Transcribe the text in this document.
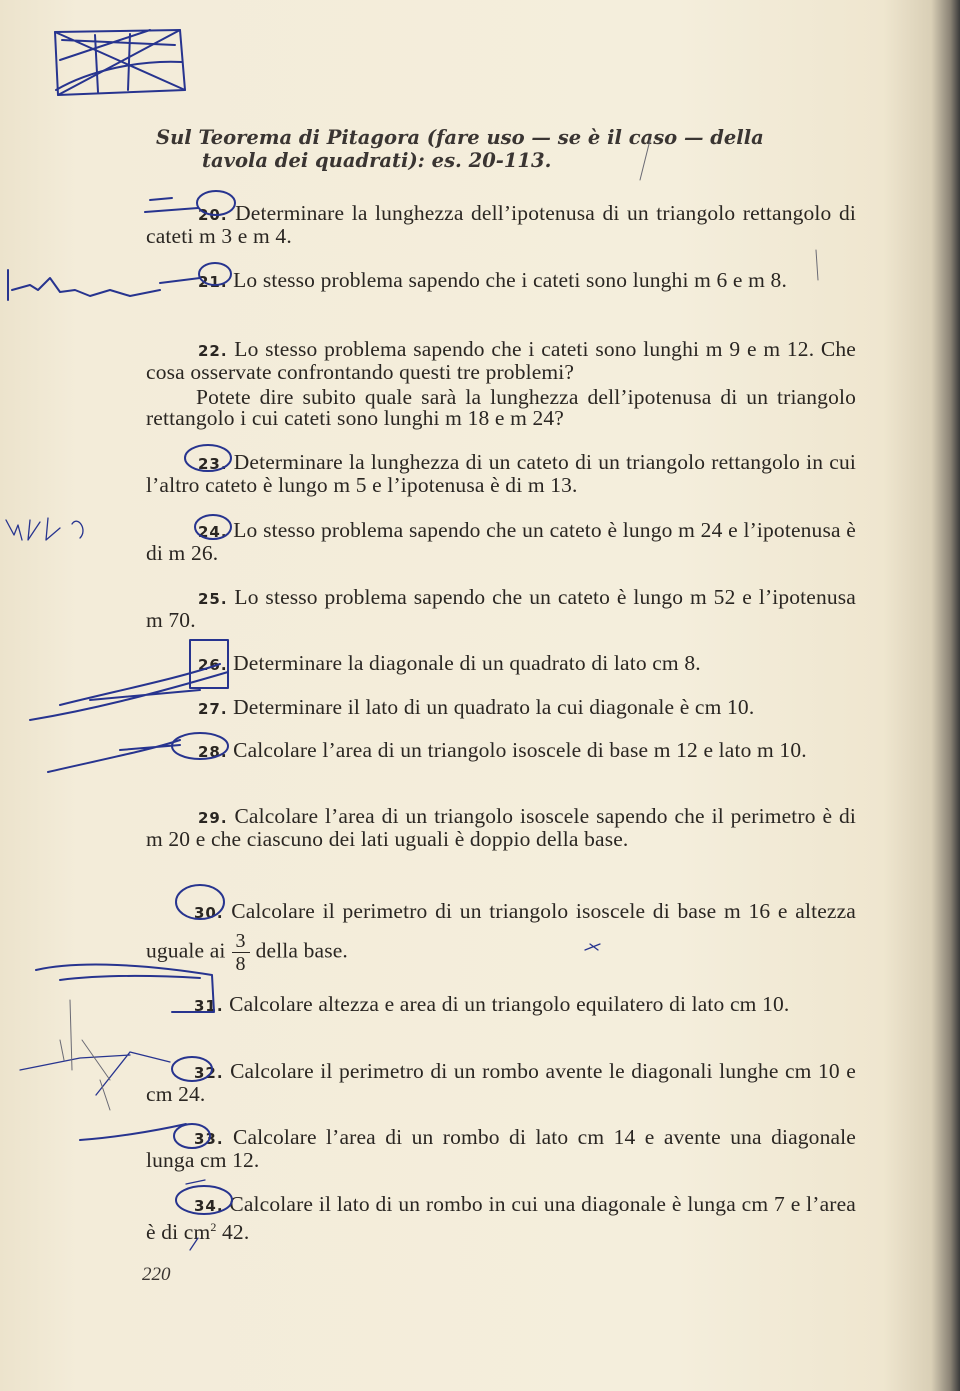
Sul Teorema di Pitagora (fare uso — se è il caso — della
tavola dei quadrati): es. 20-113.

20. Determinare la lunghezza dell’ipotenusa di un triangolo rettangolo di cateti m 3 e m 4.

21. Lo stesso problema sapendo che i cateti sono lunghi m 6 e m 8.

22. Lo stesso problema sapendo che i cateti sono lunghi m 9 e m 12. Che cosa osservate confrontando questi tre problemi?

Potete dire subito quale sarà la lunghezza dell’ipotenusa di un triangolo rettangolo i cui cateti sono lunghi m 18 e m 24?

23. Determinare la lunghezza di un cateto di un triangolo rettangolo in cui l’altro cateto è lungo m 5 e l’ipotenusa è di m 13.

24. Lo stesso problema sapendo che un cateto è lungo m 24 e l’ipotenusa è di m 26.

25. Lo stesso problema sapendo che un cateto è lungo m 52 e l’ipotenusa m 70.

26. Determinare la diagonale di un quadrato di lato cm 8.

27. Determinare il lato di un quadrato la cui diagonale è cm 10.

28. Calcolare l’area di un triangolo isoscele di base m 12 e lato m 10.

29. Calcolare l’area di un triangolo isoscele sapendo che il perimetro è di m 20 e che ciascuno dei lati uguali è doppio della base.

30. Calcolare il perimetro di un triangolo isoscele di base m 16 e altezza uguale ai $\frac{3}{8}$ della base.

31. Calcolare altezza e area di un triangolo equilatero di lato cm 10.

32. Calcolare il perimetro di un rombo avente le diagonali lunghe cm 10 e cm 24.

33. Calcolare l’area di un rombo di lato cm 14 e avente una diagonale lunga cm 12.

34. Calcolare il lato di un rombo in cui una diagonale è lunga cm 7 e l’area è di $cm^2$ 42.

220
